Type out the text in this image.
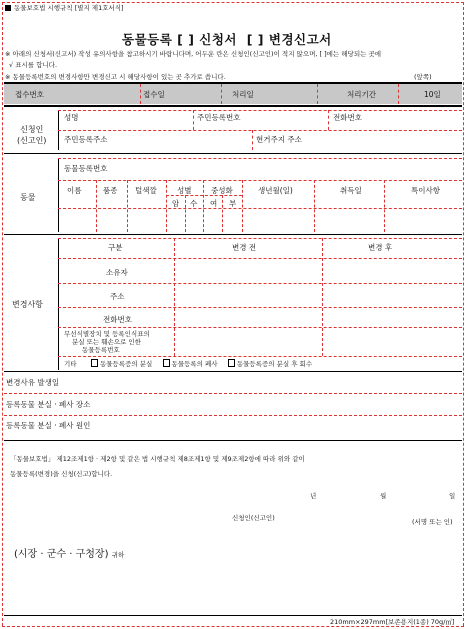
동물보호법 시행규칙 [별지 제1호서식]
동물등록 [ ] 신청서 [ ] 변경신고서
※ 아래의 신청서(신고서) 작성 유의사항을 참고하시기 바랍니다며, 어두운 란은 신청인(신고인)이 적지 않으며, [ ]에는 해당되는 곳에
√ 표시를 합니다.
※ 동물등록번호의 변경사항만 변경신고 시 해당사항이 있는 곳 추가로 씁니다.	(앞쪽)
접수번호	접수일	처리일	처리기간	10일
신청인
(신고인)
성명	주민등록번호	전화번호
주민등록주소	현거주지 주소
동물
동물등록번호
이름	품종 털색깔	성별	중성화	생년월(일)	취득일	특이사항
암 수 여 부
변경사항
구분	변경 전	변경 후
소유자
주소
전화번호
무선식별장치 및 등록인식표의
분실 또는 훼손으로 인한
동물등록번호
기타	동물등록증의 분실	동물등록의 폐사	동물등록증의 분실 후 회수
변경사유 발생일
등록동물 분실 · 폐사 장소
등록동물 분실 · 폐사 원인
「동물보호법」 제12조제1항 · 제2항 및 같은 법 시행규칙 제8조제1항 및 제9조제2항에 따라 위와 같이
동물등록(변경)을 신청(신고)합니다.
년	월	일
신청인(신고인)	(서명 또는 인)
(시장 · 군수 · 구청장) 귀하
210mm×297mm[보존용지(1종) 70g/㎡]
